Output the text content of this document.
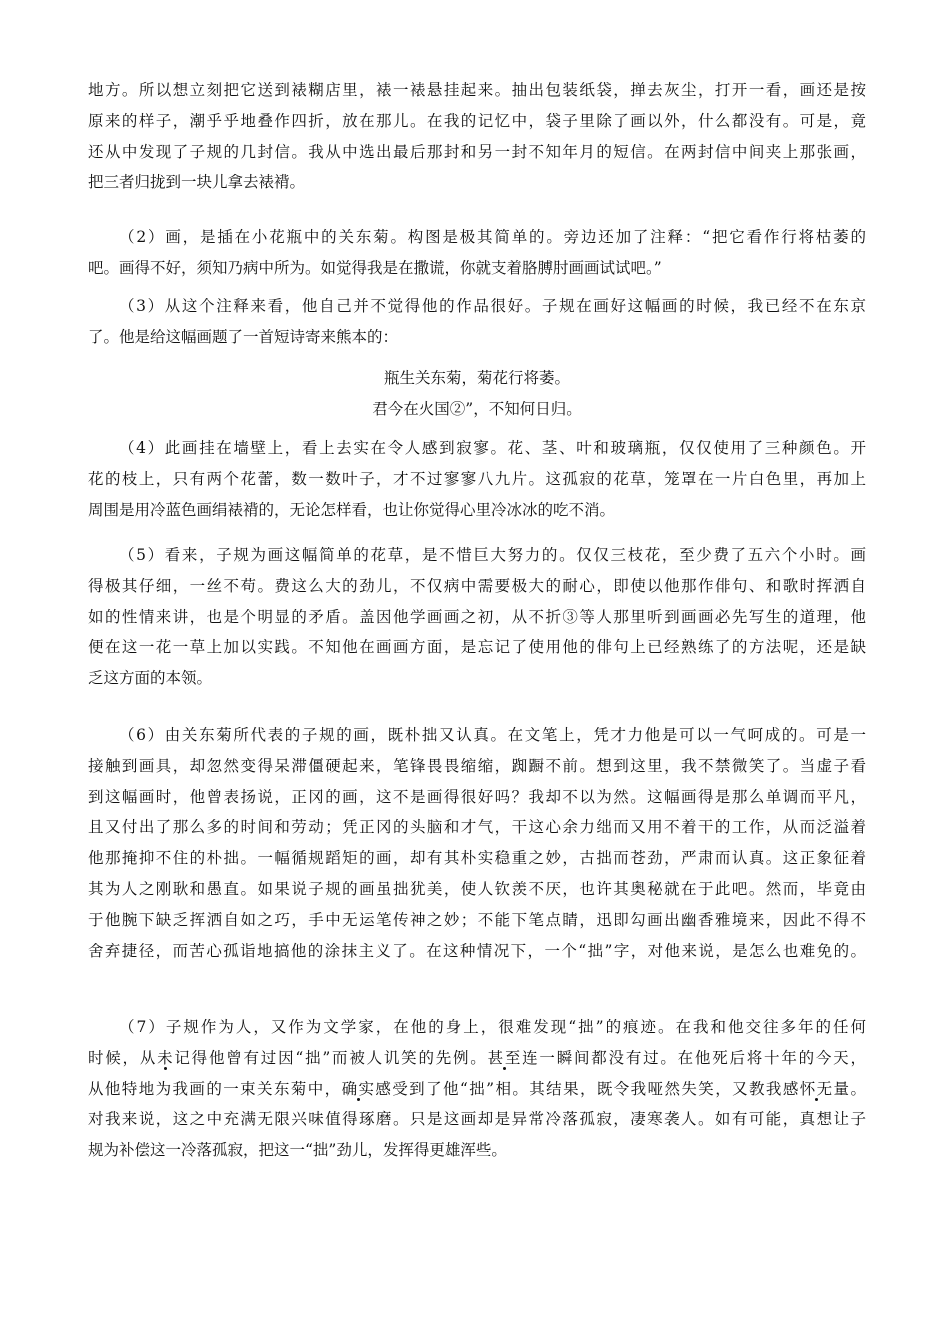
地方。所以想立刻把它送到裱糊店里，裱一裱悬挂起来。抽出包装纸袋，掸去灰尘，打开一看，画还是按
原来的样子，潮乎乎地叠作四折，放在那儿。在我的记忆中，袋子里除了画以外，什么都没有。可是，竟
还从中发现了子规的几封信。我从中选出最后那封和另一封不知年月的短信。在两封信中间夹上那张画，
把三者归拢到一块儿拿去裱褙。
（2）画，是插在小花瓶中的关东菊。构图是极其简单的。旁边还加了注释：“把它看作行将枯萎的
吧。画得不好，须知乃病中所为。如觉得我是在撒谎，你就支着胳膊肘画画试试吧。”
（3）从这个注释来看，他自己并不觉得他的作品很好。子规在画好这幅画的时候，我已经不在东京
了。他是给这幅画题了一首短诗寄来熊本的：
瓶生关东菊，菊花行将萎。
君今在火国②”，不知何日归。
（4）此画挂在墙壁上，看上去实在令人感到寂寥。花、茎、叶和玻璃瓶，仅仅使用了三种颜色。开
花的枝上，只有两个花蕾，数一数叶子，才不过寥寥八九片。这孤寂的花草，笼罩在一片白色里，再加上
周围是用冷蓝色画绢裱褙的，无论怎样看，也让你觉得心里冷冰冰的吃不消。
（5）看来，子规为画这幅简单的花草，是不惜巨大努力的。仅仅三枝花，至少费了五六个小时。画
得极其仔细，一丝不苟。费这么大的劲儿，不仅病中需要极大的耐心，即使以他那作俳句、和歌时挥洒自
如的性情来讲，也是个明显的矛盾。盖因他学画画之初，从不折③等人那里听到画画必先写生的道理，他
便在这一花一草上加以实践。不知他在画画方面，是忘记了使用他的俳句上已经熟练了的方法呢，还是缺
乏这方面的本领。
（6）由关东菊所代表的子规的画，既朴拙又认真。在文笔上，凭才力他是可以一气呵成的。可是一
接触到画具，却忽然变得呆滞僵硬起来，笔锋畏畏缩缩，踟蹰不前。想到这里，我不禁微笑了。当虚子看
到这幅画时，他曾表扬说，正冈的画，这不是画得很好吗？我却不以为然。这幅画得是那么单调而平凡，
且又付出了那么多的时间和劳动；凭正冈的头脑和才气，干这心余力绌而又用不着干的工作，从而泛溢着
他那掩抑不住的朴拙。一幅循规蹈矩的画，却有其朴实稳重之妙，古拙而苍劲，严肃而认真。这正象征着
其为人之刚耿和愚直。如果说子规的画虽拙犹美，使人钦羡不厌，也许其奥秘就在于此吧。然而，毕竟由
于他腕下缺乏挥洒自如之巧，手中无运笔传神之妙；不能下笔点睛，迅即勾画出幽香雅境来，因此不得不
舍弃捷径，而苦心孤诣地搞他的涂抹主义了。在这种情况下，一个“拙”字，对他来说，是怎么也难免的。
（7）子规作为人，又作为文学家，在他的身上，很难发现“拙”的痕迹。在我和他交往多年的任何
时候，从未记得他曾有过因“拙”而被人讥笑的先例。甚至连一瞬间都没有过。在他死后将十年的今天，
从他特地为我画的一束关东菊中，确实感受到了他“拙”相。其结果，既令我哑然失笑，又教我感怀无量。
对我来说，这之中充满无限兴味值得琢磨。只是这画却是异常冷落孤寂，凄寒袭人。如有可能，真想让子
规为补偿这一冷落孤寂，把这一“拙”劲儿，发挥得更雄浑些。
